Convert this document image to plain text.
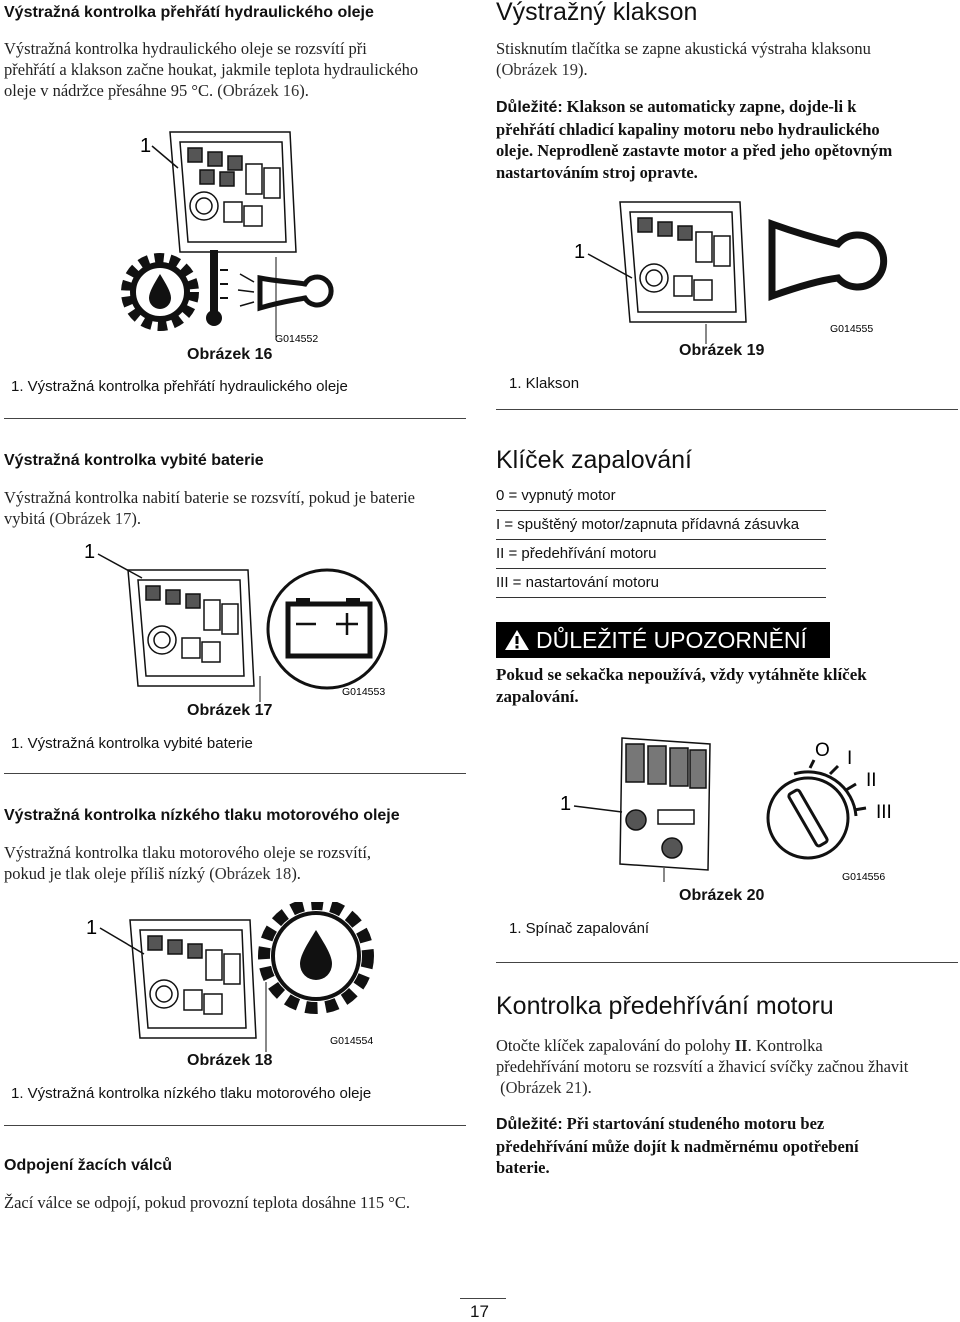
Výstražná kontrolka přehřátí hydraulického oleje
Výstražná kontrolka hydraulického oleje se rozsvítí při
přehřátí a klakson začne houkat, jakmile teplota hydraulického
oleje v nádržce přesáhne 95 °C. (Obrázek 16).
1
G014552
Obrázek 16
1. Výstražná kontrolka přehřátí hydraulického oleje
Výstražná kontrolka vybité baterie
Výstražná kontrolka nabití baterie se rozsvítí, pokud je baterie
vybitá (Obrázek 17).
1
G014553
Obrázek 17
1. Výstražná kontrolka vybité baterie
Výstražná kontrolka nízkého tlaku motorového oleje
Výstražná kontrolka tlaku motorového oleje se rozsvítí,
pokud je tlak oleje příliš nízký (Obrázek 18).
1
G014554
Obrázek 18
1. Výstražná kontrolka nízkého tlaku motorového oleje
Odpojení žacích válců
Žací válce se odpojí, pokud provozní teplota dosáhne 115 °C.
Výstražný klakson
Stisknutím tlačítka se zapne akustická výstraha klaksonu
(Obrázek 19).
Důležité: Klakson se automaticky zapne, dojde-li k
přehřátí chladicí kapaliny motoru nebo hydraulického
oleje. Neprodleně zastavte motor a před jeho opětovným
nastartováním stroj opravte.
1
G014555
Obrázek 19
1. Klakson
Klíček zapalování
0 = vypnutý motor
I = spuštěný motor/zapnuta přídavná zásuvka
II = předehřívání motoru
III = nastartování motoru
DŮLEŽITÉ UPOZORNĚNÍ
Pokud se sekačka nepoužívá, vždy vytáhněte klíček
zapalování.
1
O I
II
III
G014556
Obrázek 20
1. Spínač zapalování
Kontrolka předehřívání motoru
Otočte klíček zapalování do polohy II. Kontrolka
předehřívání motoru se rozsvítí a žhavicí svíčky začnou žhavit
(Obrázek 21).
Důležité: Při startování studeného motoru bez
předehřívání může dojít k nadměrnému opotřebení
baterie.
17
